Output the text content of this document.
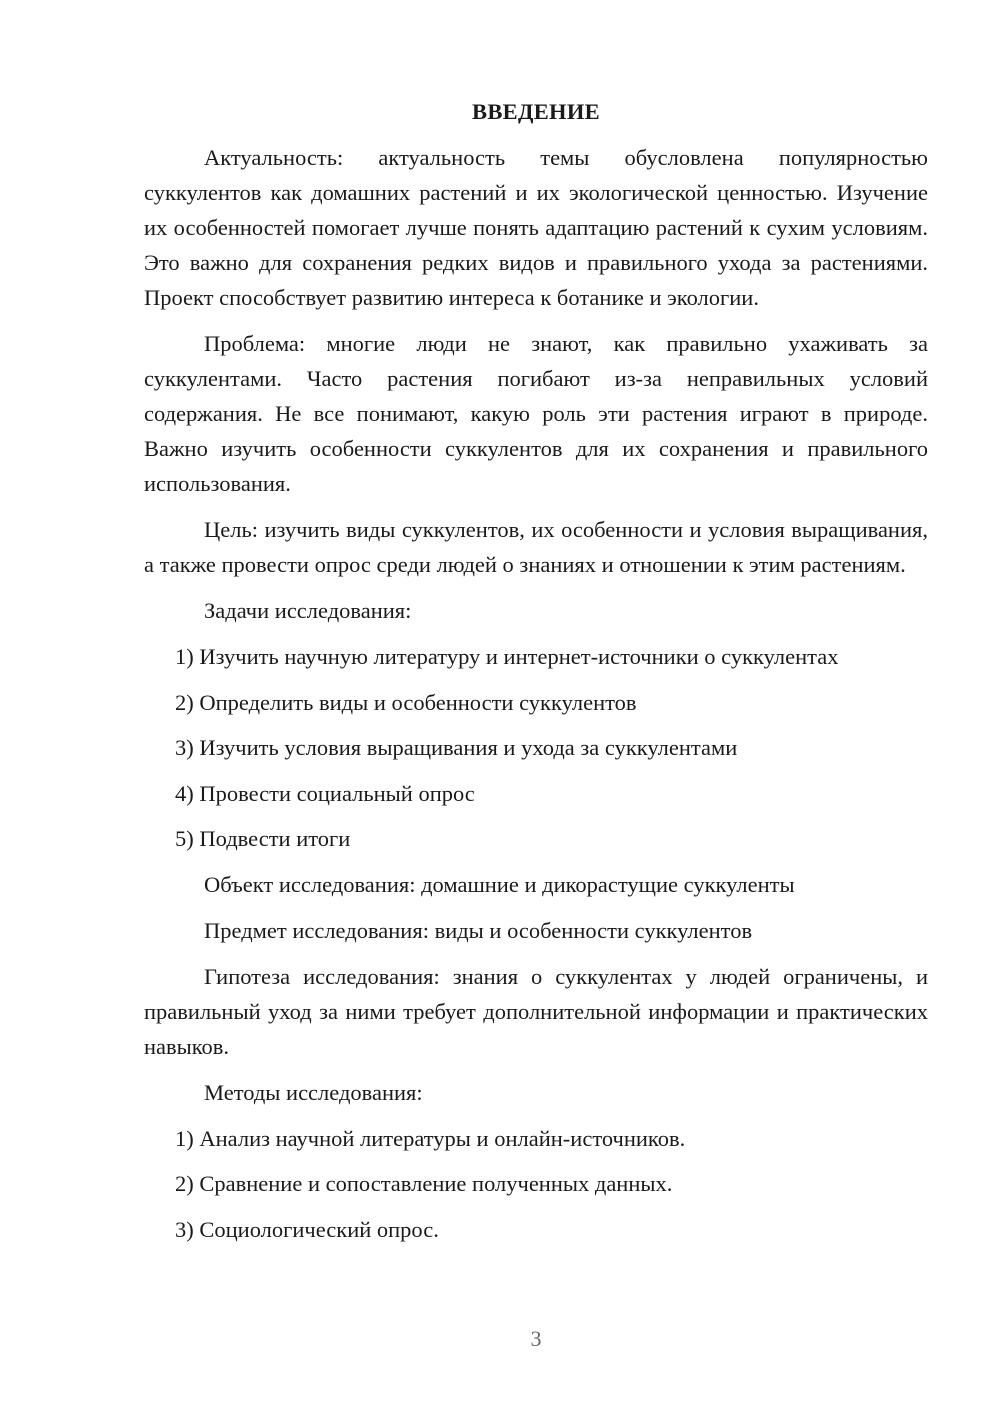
ВВЕДЕНИЕ

Актуальность: актуальность темы обусловлена популярностью суккулентов как домашних растений и их экологической ценностью. Изучение их особенностей помогает лучше понять адаптацию растений к сухим условиям. Это важно для сохранения редких видов и правильного ухода за растениями. Проект способствует развитию интереса к ботанике и экологии.

Проблема: многие люди не знают, как правильно ухаживать за суккулентами. Часто растения погибают из-за неправильных условий содержания. Не все понимают, какую роль эти растения играют в природе. Важно изучить особенности суккулентов для их сохранения и правильного использования.

Цель: изучить виды суккулентов, их особенности и условия выращивания, а также провести опрос среди людей о знаниях и отношении к этим растениям.

Задачи исследования:
1) Изучить научную литературу и интернет-источники о суккулентах
2) Определить виды и особенности суккулентов
3) Изучить условия выращивания и ухода за суккулентами
4) Провести социальный опрос
5) Подвести итоги
Объект исследования: домашние и дикорастущие суккуленты
Предмет исследования: виды и особенности суккулентов

Гипотеза исследования: знания о суккулентах у людей ограничены, и правильный уход за ними требует дополнительной информации и практических навыков.

Методы исследования:
1) Анализ научной литературы и онлайн-источников.
2) Сравнение и сопоставление полученных данных.
3) Социологический опрос.
3
